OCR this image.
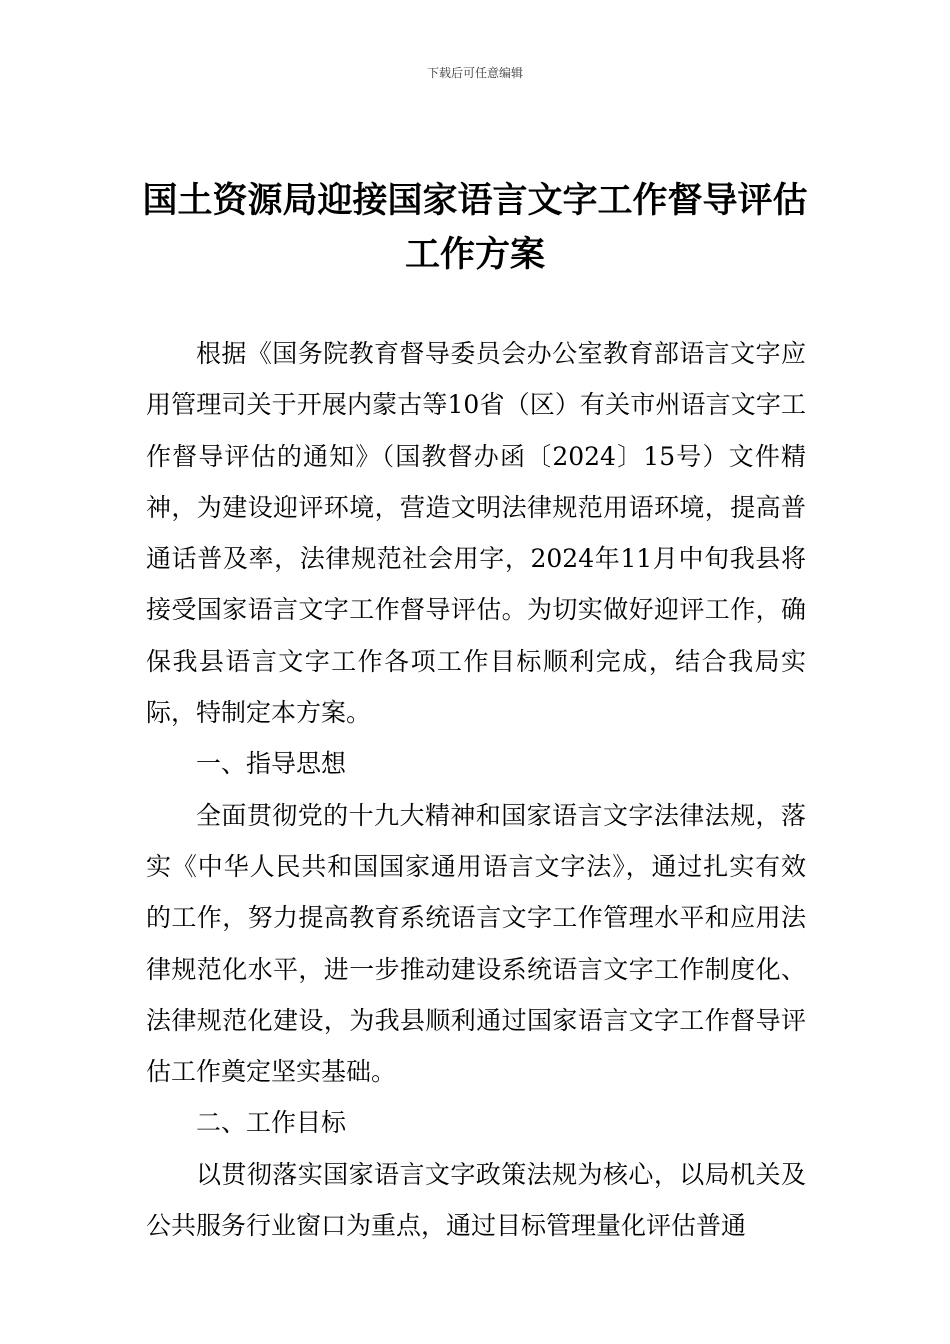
下载后可任意编辑
国土资源局迎接国家语言文字工作督导评估工作方案

根据《国务院教育督导委员会办公室教育部语言文字应用管理司关于开展内蒙古等10省（区）有关市州语言文字工作督导评估的通知》（国教督办函〔2024〕15号）文件精神，为建设迎评环境，营造文明法律规范用语环境，提高普通话普及率，法律规范社会用字，2024年11月中旬我县将接受国家语言文字工作督导评估。为切实做好迎评工作，确保我县语言文字工作各项工作目标顺利完成，结合我局实际，特制定本方案。

一、指导思想

全面贯彻党的十九大精神和国家语言文字法律法规，落实《中华人民共和国国家通用语言文字法》，通过扎实有效的工作，努力提高教育系统语言文字工作管理水平和应用法律规范化水平，进一步推动建设系统语言文字工作制度化、法律规范化建设，为我县顺利通过国家语言文字工作督导评估工作奠定坚实基础。

二、工作目标

以贯彻落实国家语言文字政策法规为核心，以局机关及公共服务行业窗口为重点，通过目标管理量化评估普通
